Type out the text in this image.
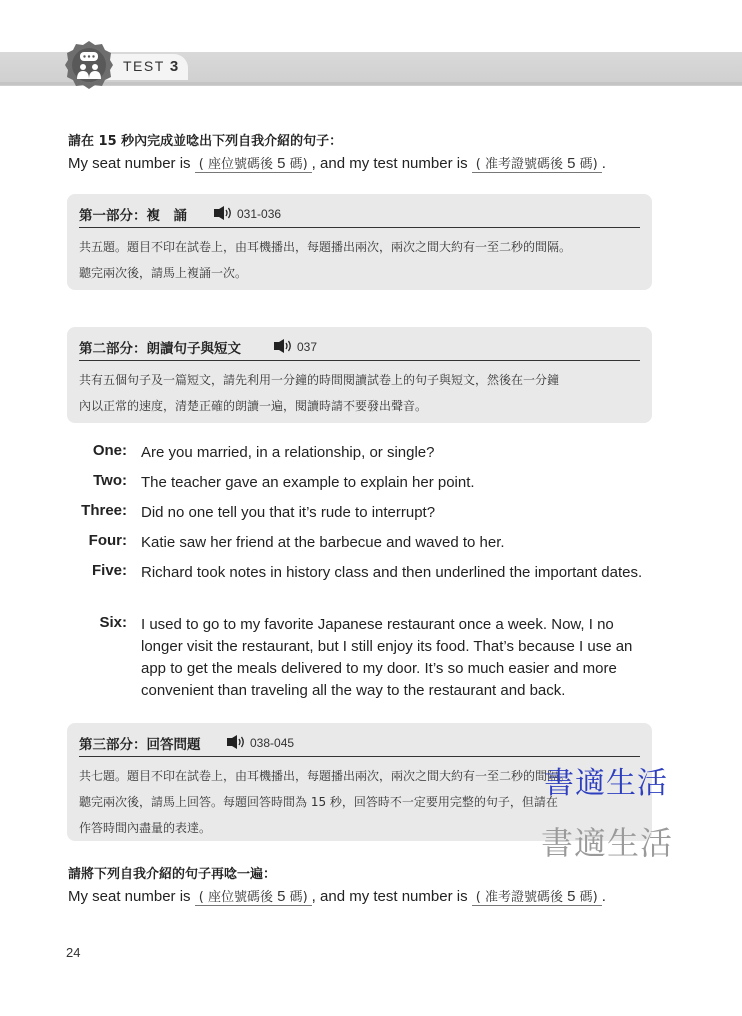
TEST 3
請在 15 秒內完成並唸出下列自我介紹的句子：
My seat number is ( 座位號碼後 5 碼) , and my test number is ( 准考證號碼後 5 碼) .
第一部分：複　誦	031-036
共五題。題目不印在試卷上，由耳機播出，每題播出兩次，兩次之間大約有一至二秒的間隔。
聽完兩次後，請馬上複誦一次。
第二部分：朗讀句子與短文	037
共有五個句子及一篇短文，請先利用一分鐘的時間閱讀試卷上的句子與短文，然後在一分鐘
內以正常的速度，清楚正確的朗讀一遍，閱讀時請不要發出聲音。
One: Are you married, in a relationship, or single?
Two: The teacher gave an example to explain her point.
Three: Did no one tell you that it’s rude to interrupt?
Four: Katie saw her friend at the barbecue and waved to her.
Five: Richard took notes in history class and then underlined the important dates.
Six: I used to go to my favorite Japanese restaurant once a week. Now, I no longer visit the restaurant, but I still enjoy its food. That’s because I use an app to get the meals delivered to my door. It’s so much easier and more convenient than traveling all the way to the restaurant and back.
第三部分：回答問題	038-045
共七題。題目不印在試卷上，由耳機播出，每題播出兩次，兩次之間大約有一至二秒的間隔。
聽完兩次後，請馬上回答。每題回答時間為 15 秒，回答時不一定要用完整的句子，但請在
作答時間內盡量的表達。
請將下列自我介紹的句子再唸一遍：
My seat number is ( 座位號碼後 5 碼) , and my test number is ( 准考證號碼後 5 碼) .
書適生活
書適生活
24
